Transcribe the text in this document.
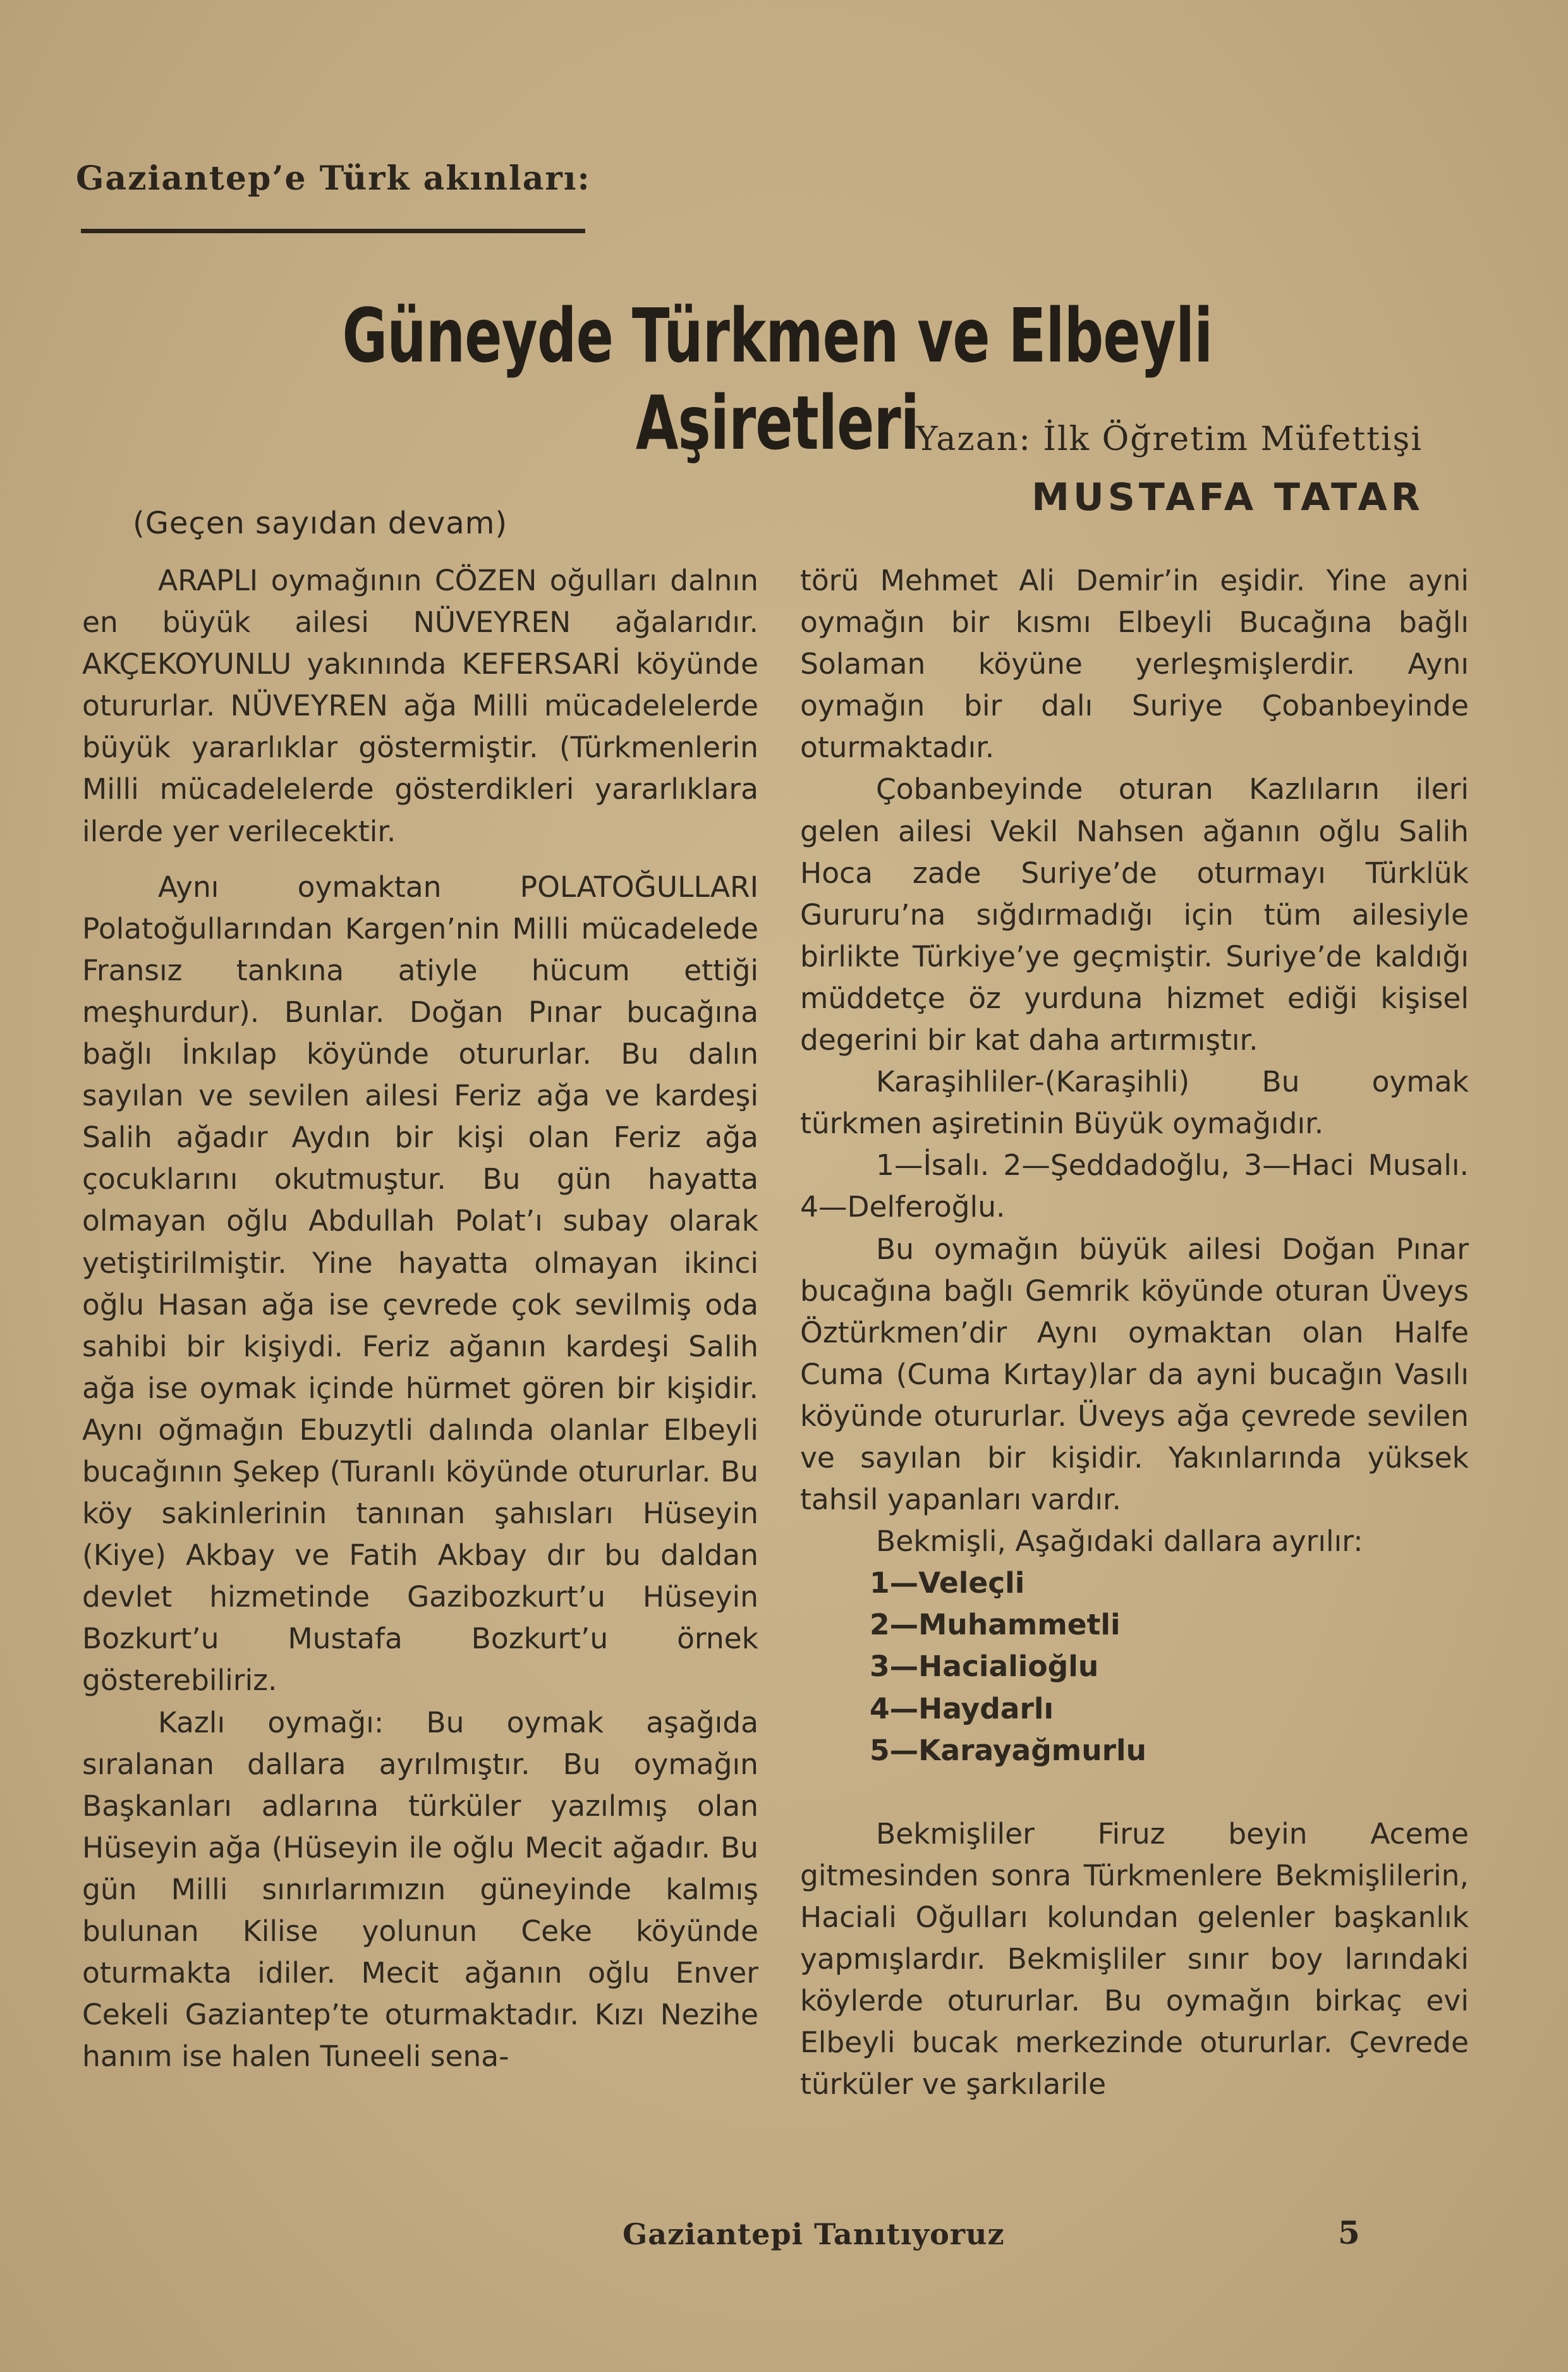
Gaziantep’e Türk akınları:
Güneyde Türkmen ve Elbeyli Aşiretleri
Yazan: İlk Öğretim Müfettişi
MUSTAFA TATAR
(Geçen sayıdan devam)

ARAPLI oymağının CÖZEN oğulları dalnın en büyük ailesi NÜVEYREN ağalarıdır. AKÇEKOYUNLU yakınında KEFERSARİ köyünde otururlar. NÜVEYREN ağa Milli mücadelelerde büyük yararlıklar göstermiştir. (Türkmenlerin Milli mücadelelerde gösterdikleri yararlıklara ilerde yer verilecektir.

Aynı oymaktan POLATOĞULLARI Polatoğullarından Kargen’nin Milli mücadelede Fransız tankına atiyle hücum ettiği meşhurdur). Bunlar. Doğan Pınar bucağına bağlı İnkılap köyünde otururlar. Bu dalın sayılan ve sevilen ailesi Feriz ağa ve kardeşi Salih ağadır Aydın bir kişi olan Feriz ağa çocuklarını okutmuştur. Bu gün hayatta olmayan oğlu Abdullah Polat’ı subay olarak yetiştirilmiştir. Yine hayatta olmayan ikinci oğlu Hasan ağa ise çevrede çok sevilmiş oda sahibi bir kişiydi. Feriz ağanın kardeşi Salih ağa ise oymak içinde hürmet gören bir kişidir. Aynı oğmağın Ebuzytli dalında olanlar Elbeyli bucağının Şekep (Turanlı köyünde otururlar. Bu köy sakinlerinin tanınan şahısları Hüseyin (Kiye) Akbay ve Fatih Akbay dır bu daldan devlet hizmetinde Gazibozkurt’u Hüseyin Bozkurt’u Mustafa Bozkurt’u örnek gösterebiliriz.

Kazlı oymağı: Bu oymak aşağıda sıralanan dallara ayrılmıştır. Bu oymağın Başkanları adlarına türküler yazılmış olan Hüseyin ağa (Hüseyin ile oğlu Mecit ağadır. Bu gün Milli sınırlarımızın güneyinde kalmış bulunan Kilise yolunun Ceke köyünde oturmakta idiler. Mecit ağanın oğlu Enver Cekeli Gaziantep’te oturmaktadır. Kızı Nezihe hanım ise halen Tuneeli sena-

törü Mehmet Ali Demir’in eşidir. Yine ayni oymağın bir kısmı Elbeyli Bucağına bağlı Solaman köyüne yerleşmişlerdir. Aynı oymağın bir dalı Suriye Çobanbeyinde oturmaktadır.

Çobanbeyinde oturan Kazlıların ileri gelen ailesi Vekil Nahsen ağanın oğlu Salih Hoca zade Suriye’de oturmayı Türklük Gururu’na sığdırmadığı için tüm ailesiyle birlikte Türkiye’ye geçmiştir. Suriye’de kaldığı müddetçe öz yurduna hizmet ediği kişisel degerini bir kat daha artırmıştır.

Karaşihliler-(Karaşihli) Bu oymak türkmen aşiretinin Büyük oymağıdır.

1—İsalı. 2—Şeddadoğlu, 3—Haci Musalı. 4—Delferoğlu.

Bu oymağın büyük ailesi Doğan Pınar bucağına bağlı Gemrik köyünde oturan Üveys Öztürkmen’dir Aynı oymaktan olan Halfe Cuma (Cuma Kırtay)lar da ayni bucağın Vasılı köyünde otururlar. Üveys ağa çevrede sevilen ve sayılan bir kişidir. Yakınlarında yüksek tahsil yapanları vardır.

Bekmişli, Aşağıdaki dallara ayrılır:

1—Veleçli
2—Muhammetli
3—Hacialioğlu
4—Haydarlı
5—Karayağmurlu

Bekmişliler Firuz beyin Aceme gitmesinden sonra Türkmenlere Bekmişlilerin, Haciali Oğulları kolundan gelenler başkanlık yapmışlardır. Bekmişliler sınır boy larındaki köylerde otururlar. Bu oymağın birkaç evi Elbeyli bucak merkezinde otururlar. Çevrede türküler ve şarkılarile

Gaziantepi Tanıtıyoruz	5
